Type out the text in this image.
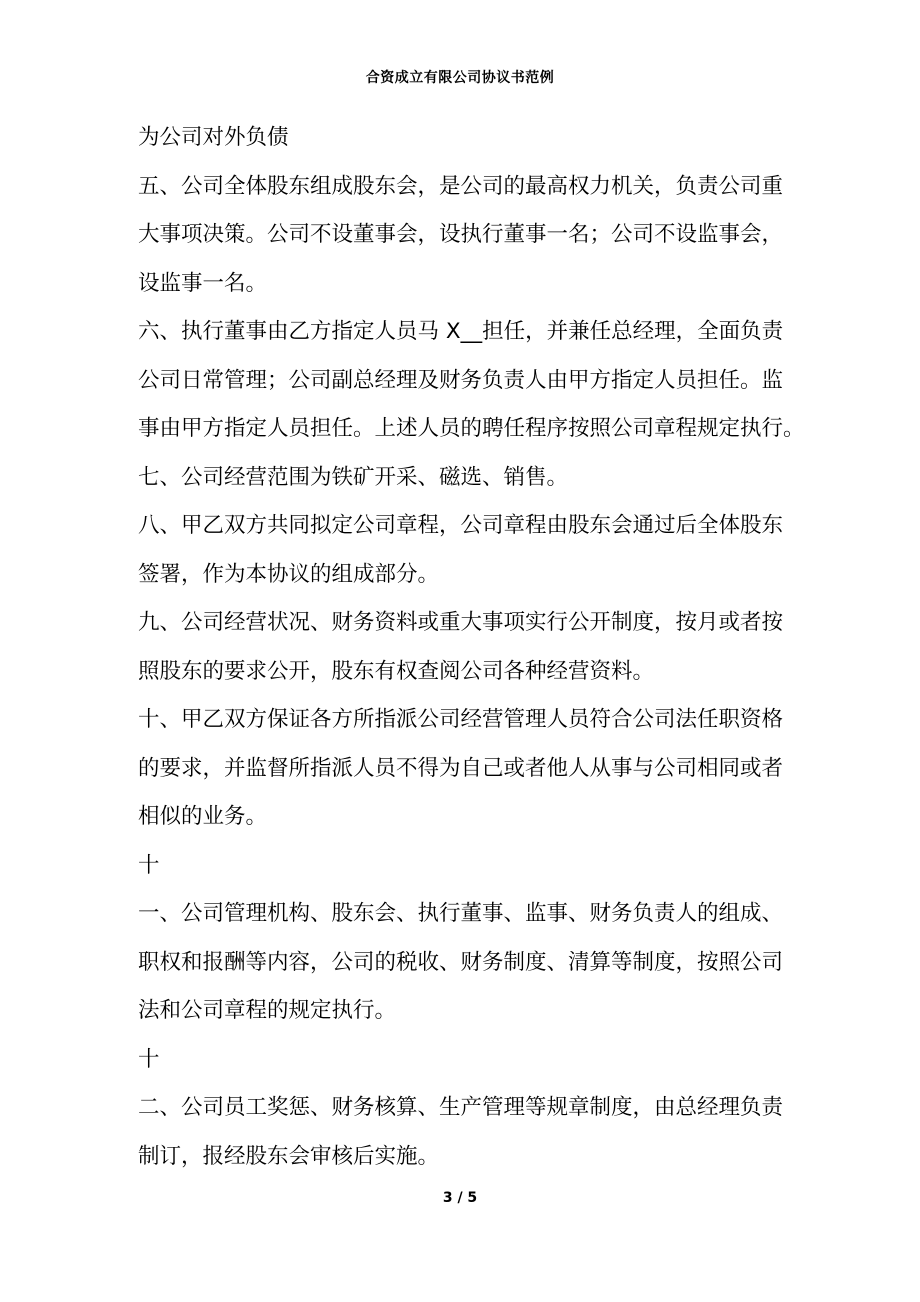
合资成立有限公司协议书范例
为公司对外负债
五、公司全体股东组成股东会，是公司的最高权力机关，负责公司重
大事项决策。公司不设董事会，设执行董事一名；公司不设监事会，
设监事一名。
六、执行董事由乙方指定人员马 X__担任，并兼任总经理，全面负责
公司日常管理；公司副总经理及财务负责人由甲方指定人员担任。监
事由甲方指定人员担任。上述人员的聘任程序按照公司章程规定执行。
七、公司经营范围为铁矿开采、磁选、销售。
八、甲乙双方共同拟定公司章程，公司章程由股东会通过后全体股东
签署，作为本协议的组成部分。
九、公司经营状况、财务资料或重大事项实行公开制度，按月或者按
照股东的要求公开，股东有权查阅公司各种经营资料。
十、甲乙双方保证各方所指派公司经营管理人员符合公司法任职资格
的要求，并监督所指派人员不得为自己或者他人从事与公司相同或者
相似的业务。
十
一、公司管理机构、股东会、执行董事、监事、财务负责人的组成、
职权和报酬等内容，公司的税收、财务制度、清算等制度，按照公司
法和公司章程的规定执行。
十
二、公司员工奖惩、财务核算、生产管理等规章制度，由总经理负责
制订，报经股东会审核后实施。
3 / 5
